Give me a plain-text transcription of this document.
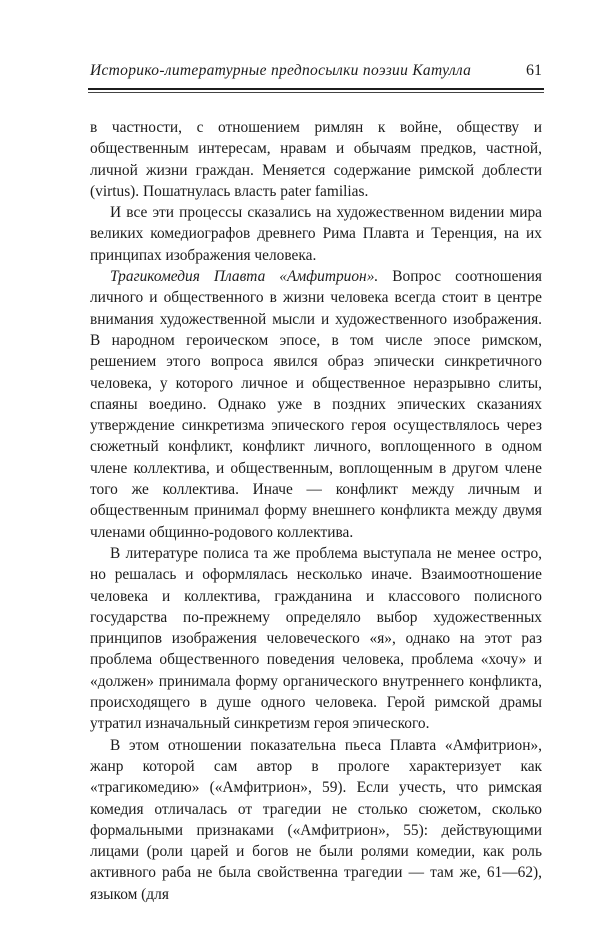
Историко-литературные предпосылки поэзии Катулла	61

в частности, с отношением римлян к войне, обществу и общественным интересам, нравам и обычаям предков, частной, личной жизни граждан. Меняется содержание римской доблести (virtus). Пошатнулась власть pater familias.

И все эти процессы сказались на художественном видении мира великих комедиографов древнего Рима Плавта и Теренция, на их принципах изображения человека.

Трагикомедия Плавта «Амфитрион». Вопрос соотношения личного и общественного в жизни человека всегда стоит в центре внимания художественной мысли и художественного изображения. В народном героическом эпосе, в том числе эпосе римском, решением этого вопроса явился образ эпически синкретичного человека, у которого личное и общественное неразрывно слиты, спаяны воедино. Однако уже в поздних эпических сказаниях утверждение синкретизма эпического героя осуществлялось через сюжетный конфликт, конфликт личного, воплощенного в одном члене коллектива, и общественным, воплощенным в другом члене того же коллектива. Иначе — конфликт между личным и общественным принимал форму внешнего конфликта между двумя членами общинно-родового коллектива.

В литературе полиса та же проблема выступала не менее остро, но решалась и оформлялась несколько иначе. Взаимоотношение человека и коллектива, гражданина и классового полисного государства по-прежнему определяло выбор художественных принципов изображения человеческого «я», однако на этот раз проблема общественного поведения человека, проблема «хочу» и «должен» принимала форму органического внутреннего конфликта, происходящего в душе одного человека. Герой римской драмы утратил изначальный синкретизм героя эпического.

В этом отношении показательна пьеса Плавта «Амфитрион», жанр которой сам автор в прологе характеризует как «трагикомедию» («Амфитрион», 59). Если учесть, что римская комедия отличалась от трагедии не столько сюжетом, сколько формальными признаками («Амфитрион», 55): действующими лицами (роли царей и богов не были ролями комедии, как роль активного раба не была свойственна трагедии — там же, 61—62), языком (для
